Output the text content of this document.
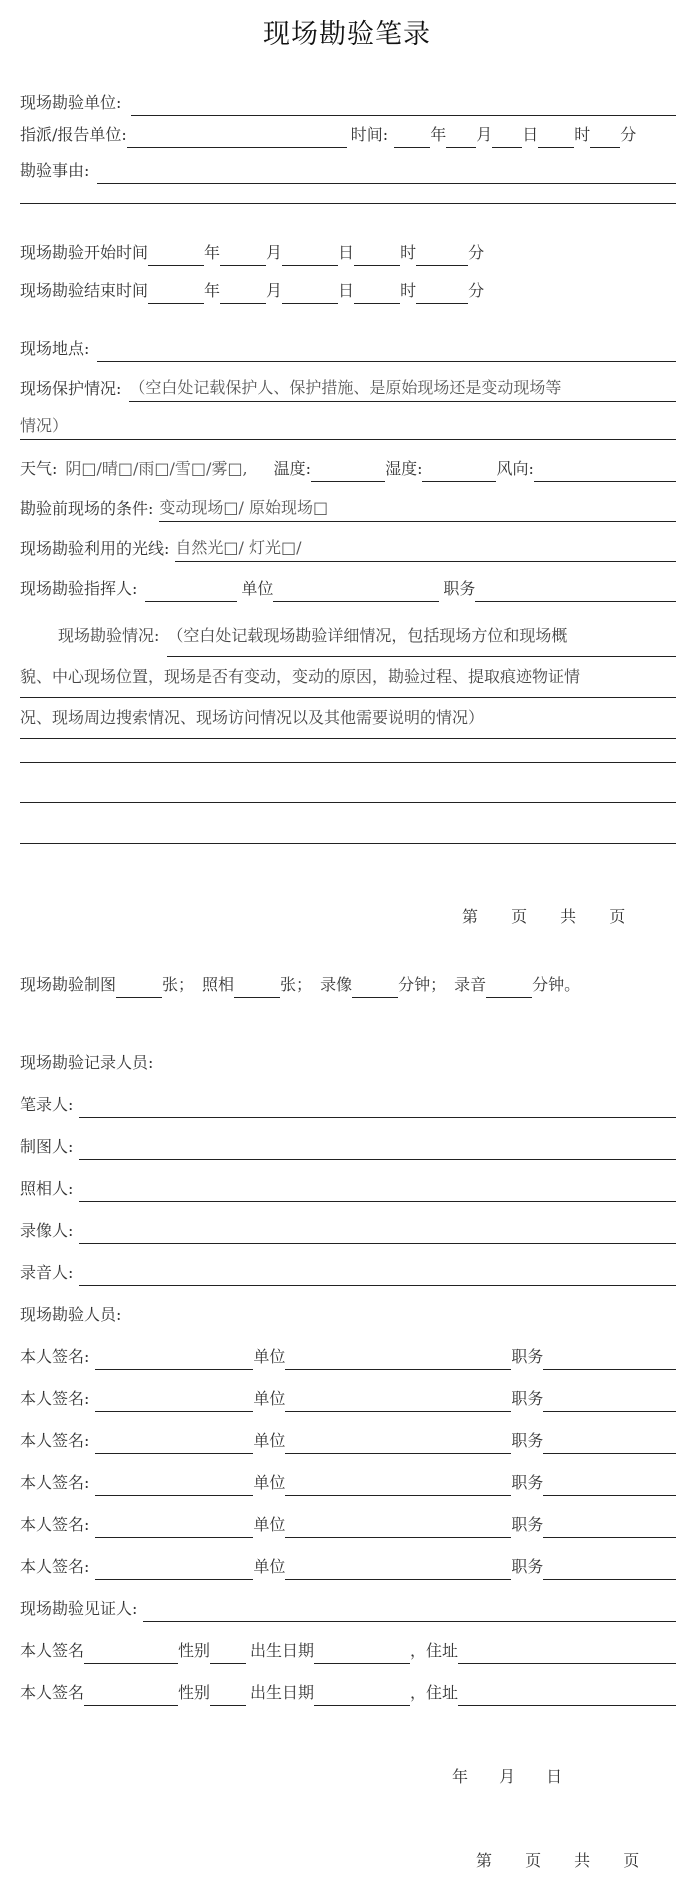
现场勘验笔录
现场勘验单位:
指派/报告单位:	时间:	年 月 日 时 分
勘验事由:
现场勘验开始时间	年	月	日	时	分
现场勘验结束时间	年	月	日	时	分
现场地点:
现场保护情况: （空白处记载保护人、保护措施、是原始现场还是变动现场等
情况）
天气: 阴□/晴□/雨□/雪□/雾□, 温度:	湿度:	风向:
勘验前现场的条件: 变动现场□/ 原始现场□
现场勘验利用的光线: 自然光□/ 灯光□/
现场勘验指挥人:	单位	职务
现场勘验情况: （空白处记载现场勘验详细情况，包括现场方位和现场概
貌、中心现场位置，现场是否有变动，变动的原因，勘验过程、提取痕迹物证情
况、现场周边搜索情况、现场访问情况以及其他需要说明的情况）
第 页 共 页
现场勘验制图	张； 照相	张； 录像	分钟； 录音	分钟。
现场勘验记录人员:
笔录人:
制图人:
照相人:
录像人:
录音人:
现场勘验人员:
本人签名:	单位	职务
本人签名:	单位	职务
本人签名:	单位	职务
本人签名:	单位	职务
本人签名:	单位	职务
本人签名:	单位	职务
现场勘验见证人:
本人签名	性别	出生日期	，住址
本人签名	性别	出生日期	，住址
年 月 日
第 页 共 页
